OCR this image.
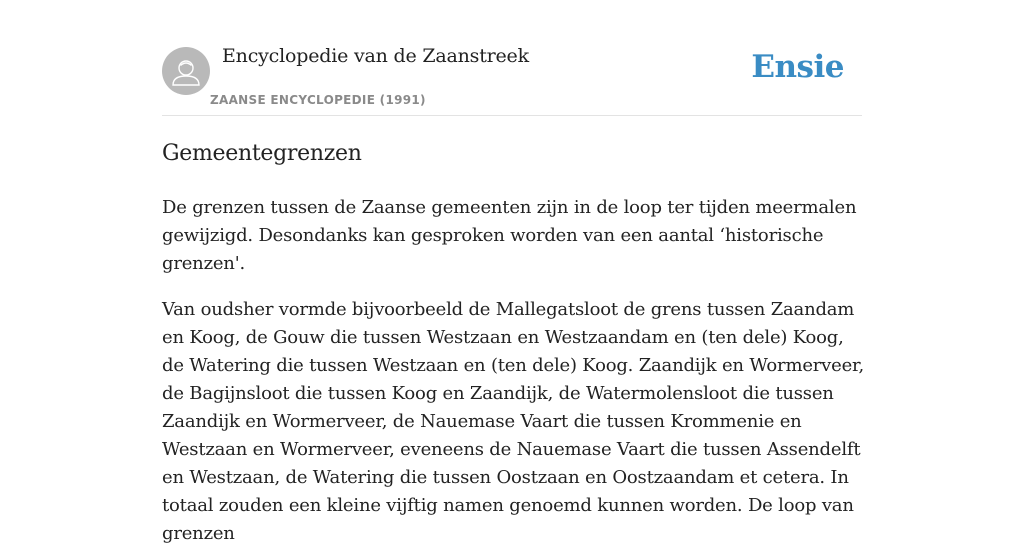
Encyclopedie van de Zaanstreek
ZAANSE ENCYCLOPEDIE (1991)
Ensie
Gemeentegrenzen

De grenzen tussen de Zaanse gemeenten zijn in de loop ter tijden meermalen gewijzigd. Desondanks kan gesproken worden van een aantal ‘historische grenzen'.

Van oudsher vormde bijvoorbeeld de Mallegatsloot de grens tussen Zaandam en Koog, de Gouw die tussen Westzaan en Westzaandam en (ten dele) Koog, de Watering die tussen Westzaan en (ten dele) Koog. Zaandijk en Wormerveer, de Bagijnsloot die tussen Koog en Zaandijk, de Watermolensloot die tussen Zaandijk en Wormerveer, de Nauemase Vaart die tussen Krommenie en Westzaan en Wormerveer, eveneens de Nauemase Vaart die tussen Assendelft en Westzaan, de Watering die tussen Oostzaan en Oostzaandam et cetera. In totaal zouden een kleine vijftig namen genoemd kunnen worden. De loop van grenzen
